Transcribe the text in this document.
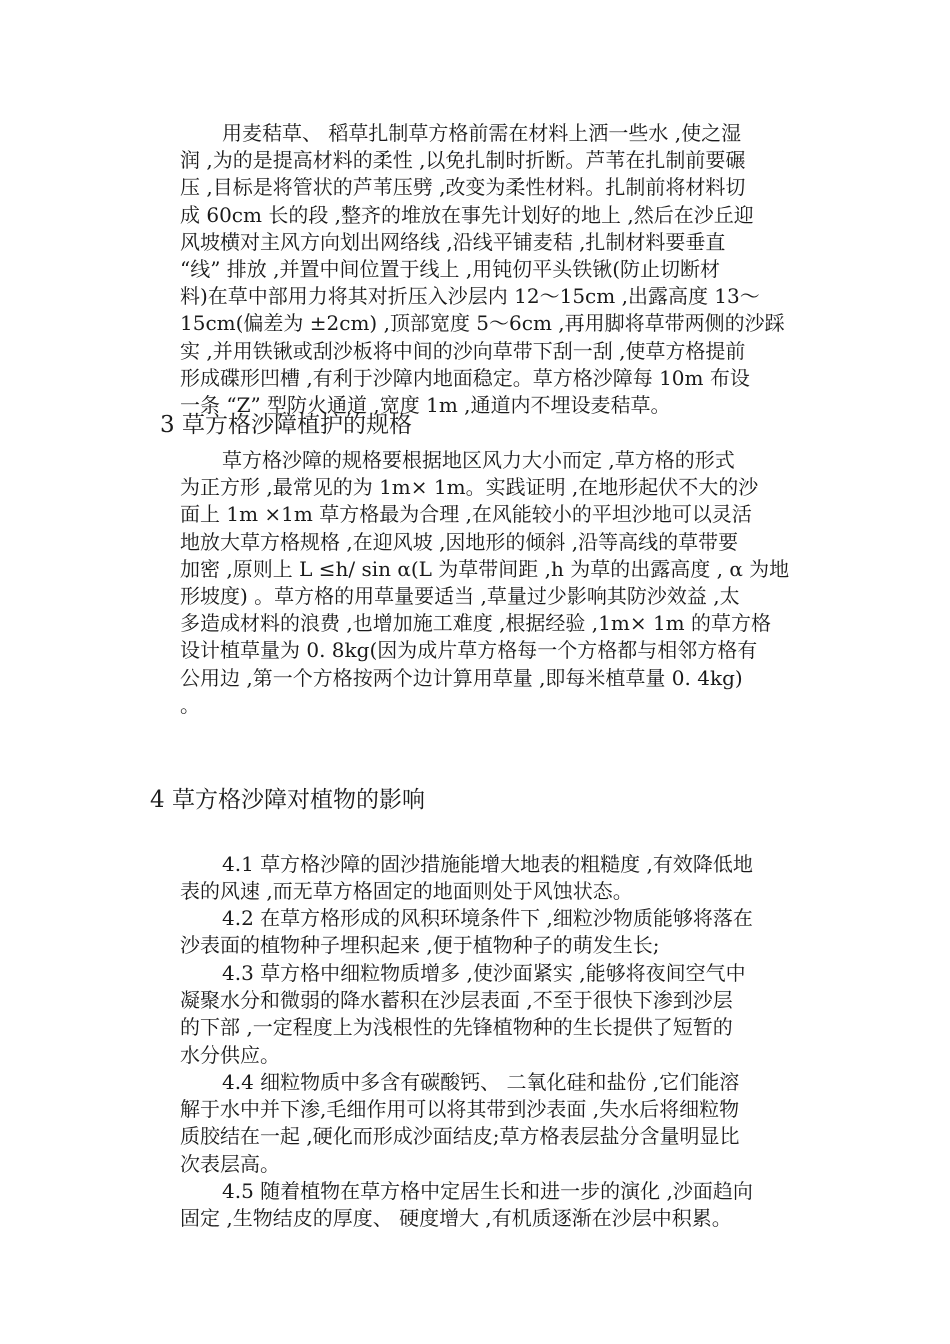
用麦秸草、 稻草扎制草方格前需在材料上洒一些水 ,使之湿
润 ,为的是提高材料的柔性 ,以免扎制时折断。芦苇在扎制前要碾
压 ,目标是将管状的芦苇压劈 ,改变为柔性材料。扎制前将材料切
成 60cm 长的段 ,整齐的堆放在事先计划好的地上 ,然后在沙丘迎
风坡横对主风方向划出网络线 ,沿线平铺麦秸 ,扎制材料要垂直
“线” 排放 ,并置中间位置于线上 ,用钝仞平头铁锹(防止切断材
料)在草中部用力将其对折压入沙层内 12～15cm ,出露高度 13～
15cm(偏差为 ±2cm) ,顶部宽度 5～6cm ,再用脚将草带两侧的沙踩
实 ,并用铁锹或刮沙板将中间的沙向草带下刮一刮 ,使草方格提前
形成碟形凹槽 ,有利于沙障内地面稳定。草方格沙障每 10m 布设
一条 “Z” 型防火通道 ,宽度 1m ,通道内不埋设麦秸草。

3 草方格沙障植护的规格

草方格沙障的规格要根据地区风力大小而定 ,草方格的形式
为正方形 ,最常见的为 1m× 1m。实践证明 ,在地形起伏不大的沙
面上 1m ×1m 草方格最为合理 ,在风能较小的平坦沙地可以灵活
地放大草方格规格 ,在迎风坡 ,因地形的倾斜 ,沿等高线的草带要
加密 ,原则上 L ≤h/ sin α(L 为草带间距 ,h 为草的出露高度 , α 为地
形坡度) 。草方格的用草量要适当 ,草量过少影响其防沙效益 ,太
多造成材料的浪费 ,也增加施工难度 ,根据经验 ,1m× 1m 的草方格
设计植草量为 0. 8kg(因为成片草方格每一个方格都与相邻方格有
公用边 ,第一个方格按两个边计算用草量 ,即每米植草量 0. 4kg)
。

4 草方格沙障对植物的影响

4.1 草方格沙障的固沙措施能增大地表的粗糙度 ,有效降低地
表的风速 ,而无草方格固定的地面则处于风蚀状态。

4.2 在草方格形成的风积环境条件下 ,细粒沙物质能够将落在
沙表面的植物种子埋积起来 ,便于植物种子的萌发生长;

4.3 草方格中细粒物质增多 ,使沙面紧实 ,能够将夜间空气中
凝聚水分和微弱的降水蓄积在沙层表面 ,不至于很快下渗到沙层
的下部 ,一定程度上为浅根性的先锋植物种的生长提供了短暂的
水分供应。

4.4 细粒物质中多含有碳酸钙、 二氧化硅和盐份 ,它们能溶
解于水中并下渗,毛细作用可以将其带到沙表面 ,失水后将细粒物
质胶结在一起 ,硬化而形成沙面结皮;草方格表层盐分含量明显比
次表层高。

4.5 随着植物在草方格中定居生长和进一步的演化 ,沙面趋向
固定 ,生物结皮的厚度、 硬度增大 ,有机质逐渐在沙层中积累。
